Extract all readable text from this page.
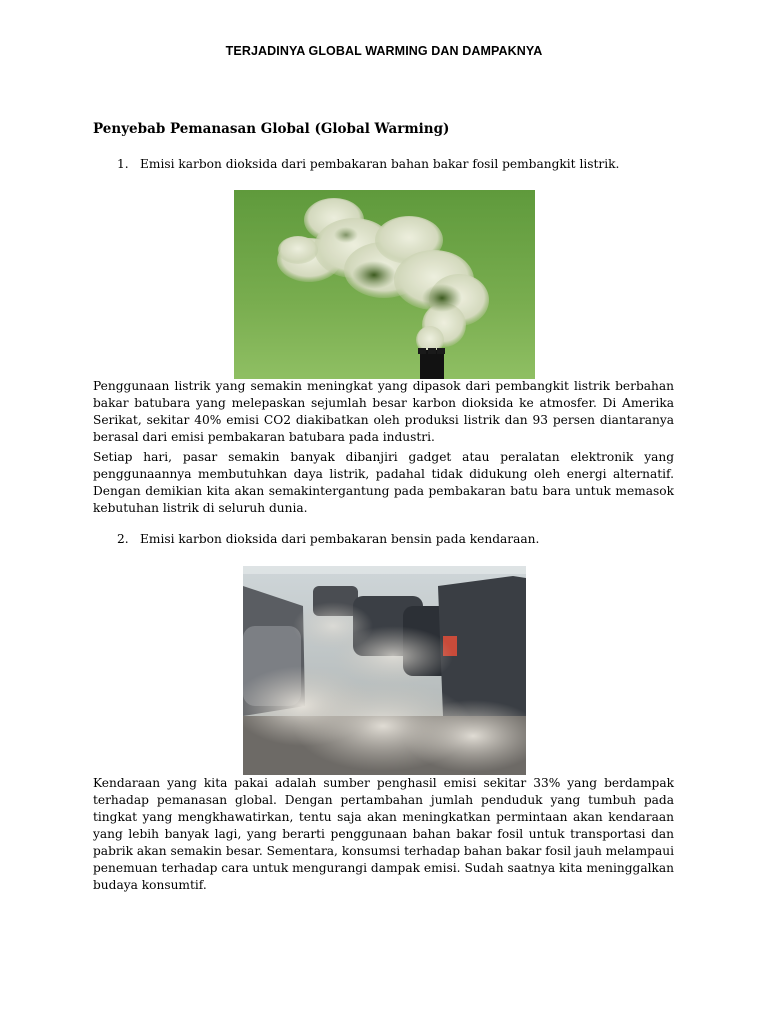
TERJADINYA GLOBAL WARMING DAN DAMPAKNYA
Penyebab Pemanasan Global (Global Warming)
1. Emisi karbon dioksida dari pembakaran bahan bakar fosil pembangkit listrik.

Penggunaan listrik yang semakin meningkat yang dipasok dari pembangkit listrik berbahan bakar batubara yang melepaskan sejumlah besar karbon dioksida ke atmosfer. Di Amerika Serikat, sekitar 40% emisi CO2 diakibatkan oleh produksi listrik dan 93 persen diantaranya berasal dari emisi pembakaran batubara pada industri.

Setiap hari, pasar semakin banyak dibanjiri gadget atau peralatan elektronik yang penggunaannya membutuhkan daya listrik, padahal tidak didukung oleh energi alternatif. Dengan demikian kita akan semakintergantung pada pembakaran batu bara untuk memasok kebutuhan listrik di seluruh dunia.

2. Emisi karbon dioksida dari pembakaran bensin pada kendaraan.

Kendaraan yang kita pakai adalah sumber penghasil emisi sekitar 33% yang berdampak terhadap pemanasan global. Dengan pertambahan jumlah penduduk yang tumbuh pada tingkat yang mengkhawatirkan, tentu saja akan meningkatkan permintaan akan kendaraan yang lebih banyak lagi, yang berarti penggunaan bahan bakar fosil untuk transportasi dan pabrik akan semakin besar. Sementara, konsumsi terhadap bahan bakar fosil jauh melampaui penemuan terhadap cara untuk mengurangi dampak emisi. Sudah saatnya kita meninggalkan budaya konsumtif.
